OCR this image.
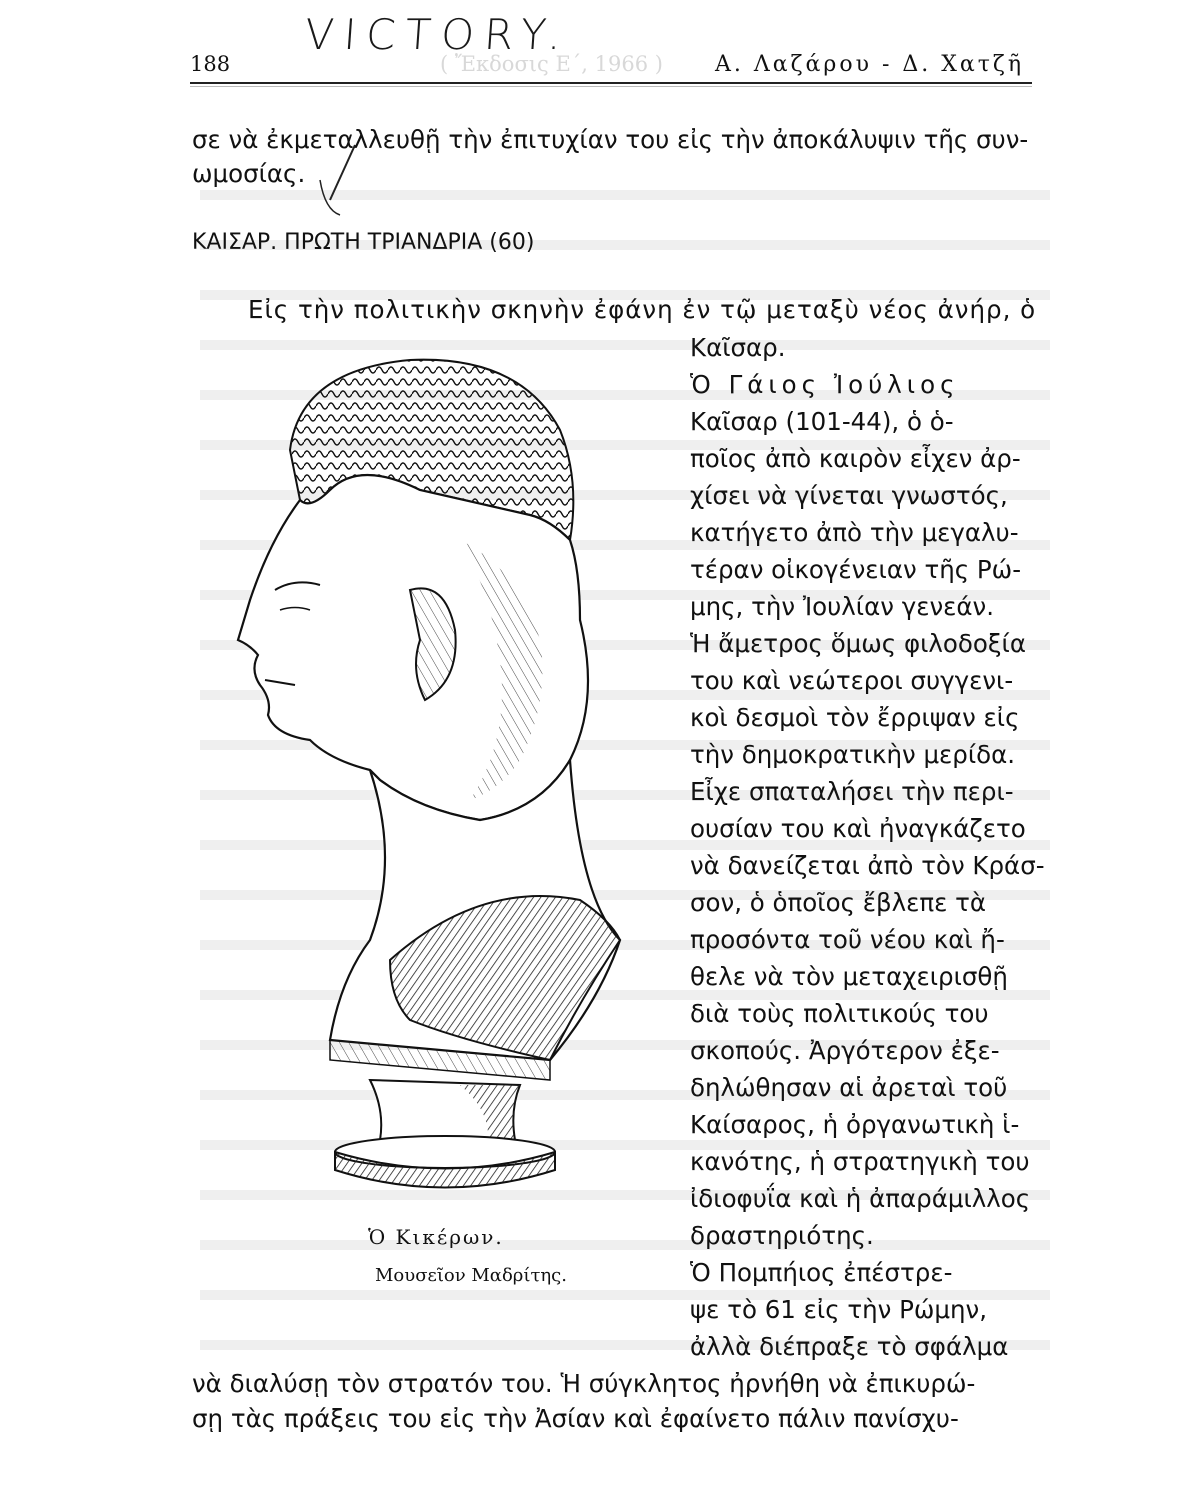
VICTORY.
188	( Ἔκδοσις Ε΄, 1966 ) Α. Λαζάρου - Δ. Χατζῆ
σε νὰ ἐκμεταλλευθῇ τὴν ἐπιτυχίαν του εἰς τὴν ἀποκάλυψιν τῆς συν-
ωμοσίας.
ΚΑΙΣΑΡ. ΠΡΩΤΗ ΤΡΙΑΝΔΡΙΑ (60)
Εἰς τὴν πολιτικὴν σκηνὴν ἐφάνη ἐν τῷ μεταξὺ νέος ἀνήρ, ὁ
Καῖσαρ.
Ὁ Γάιος Ἰούλιος
Καῖσαρ (101-44), ὁ ὁ-
ποῖος ἀπὸ καιρὸν εἶχεν ἀρ-
χίσει νὰ γίνεται γνωστός,
κατήγετο ἀπὸ τὴν μεγαλυ-
τέραν οἰκογένειαν τῆς Ρώ-
μης, τὴν Ἰουλίαν γενεάν.
Ἡ ἄμετρος ὅμως φιλοδοξία
του καὶ νεώτεροι συγγενι-
κοὶ δεσμοὶ τὸν ἔρριψαν εἰς
τὴν δημοκρατικὴν μερίδα.
Εἶχε σπαταλήσει τὴν περι-
ουσίαν του καὶ ἠναγκάζετο
νὰ δανείζεται ἀπὸ τὸν Κράσ-
σον, ὁ ὁποῖος ἔβλεπε τὰ
προσόντα τοῦ νέου καὶ ἤ-
θελε νὰ τὸν μεταχειρισθῇ
διὰ τοὺς πολιτικούς του
σκοπούς. Ἀργότερον ἐξε-
δηλώθησαν αἱ ἀρεταὶ τοῦ
Καίσαρος, ἡ ὀργανωτικὴ ἱ-
κανότης, ἡ στρατηγικὴ του
ἰδιοφυΐα καὶ ἡ ἀπαράμιλλος
δραστηριότης.
Ὁ Πομπήιος ἐπέστρε-
ψε τὸ 61 εἰς τὴν Ρώμην,
ἀλλὰ διέπραξε τὸ σφάλμα
Ὁ Κικέρων.
Μουσεῖον Μαδρίτης.
νὰ διαλύσῃ τὸν στρατόν του. Ἡ σύγκλητος ἠρνήθη νὰ ἐπικυρώ-
σῃ τὰς πράξεις του εἰς τὴν Ἀσίαν καὶ ἐφαίνετο πάλιν πανίσχυ-
